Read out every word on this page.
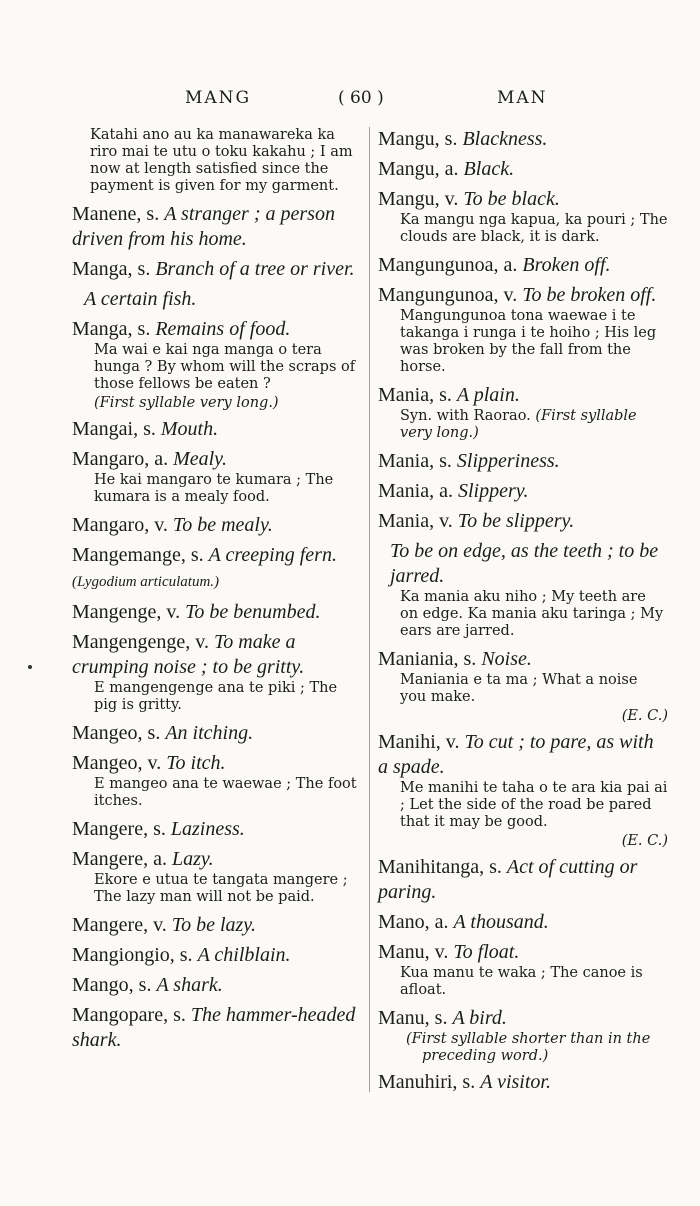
MANG	( 60 )	MAN
Katahi ano au ka manawareka ka riro mai te utu o toku kakahu ; I am now at length satisfied since the payment is given for my garment.
Manene, s. A stranger ; a person driven from his home.
Manga, s. Branch of a tree or river.
A certain fish.
Manga, s. Remains of food.
Ma wai e kai nga manga o tera hunga ? By whom will the scraps of those fellows be eaten ?
(First syllable very long.)
Mangai, s. Mouth.
Mangaro, a. Mealy.
He kai mangaro te kumara ; The kumara is a mealy food.
Mangaro, v. To be mealy.
Mangemange, s. A creeping fern. (Lygodium articulatum.)
Mangenge, v. To be benumbed.
Mangengenge, v. To make a crumping noise ; to be gritty.
E mangengenge ana te piki ; The pig is gritty.
Mangeo, s. An itching.
Mangeo, v. To itch.
E mangeo ana te waewae ; The foot itches.
Mangere, s. Laziness.
Mangere, a. Lazy.
Ekore e utua te tangata mangere ; The lazy man will not be paid.
Mangere, v. To be lazy.
Mangiongio, s. A chilblain.
Mango, s. A shark.
Mangopare, s. The hammer-headed shark.
Mangu, s. Blackness.
Mangu, a. Black.
Mangu, v. To be black.
Ka mangu nga kapua, ka pouri ; The clouds are black, it is dark.
Mangungunoa, a. Broken off.
Mangungunoa, v. To be broken off.
Mangungunoa tona waewae i te takanga i runga i te hoiho ; His leg was broken by the fall from the horse.
Mania, s. A plain.
Syn. with Raorao. (First syllable very long.)
Mania, s. Slipperiness.
Mania, a. Slippery.
Mania, v. To be slippery.
To be on edge, as the teeth ; to be jarred.
Ka mania aku niho ; My teeth are on edge. Ka mania aku taringa ; My ears are jarred.
Maniania, s. Noise.
Maniania e ta ma ; What a noise you make.
(E. C.)
Manihi, v. To cut ; to pare, as with a spade.
Me manihi te taha o te ara kia pai ai ; Let the side of the road be pared that it may be good.
(E. C.)
Manihitanga, s. Act of cutting or paring.
Mano, a. A thousand.
Manu, v. To float.
Kua manu te waka ; The canoe is afloat.
Manu, s. A bird.
(First syllable shorter than in the preceding word.)
Manuhiri, s. A visitor.
